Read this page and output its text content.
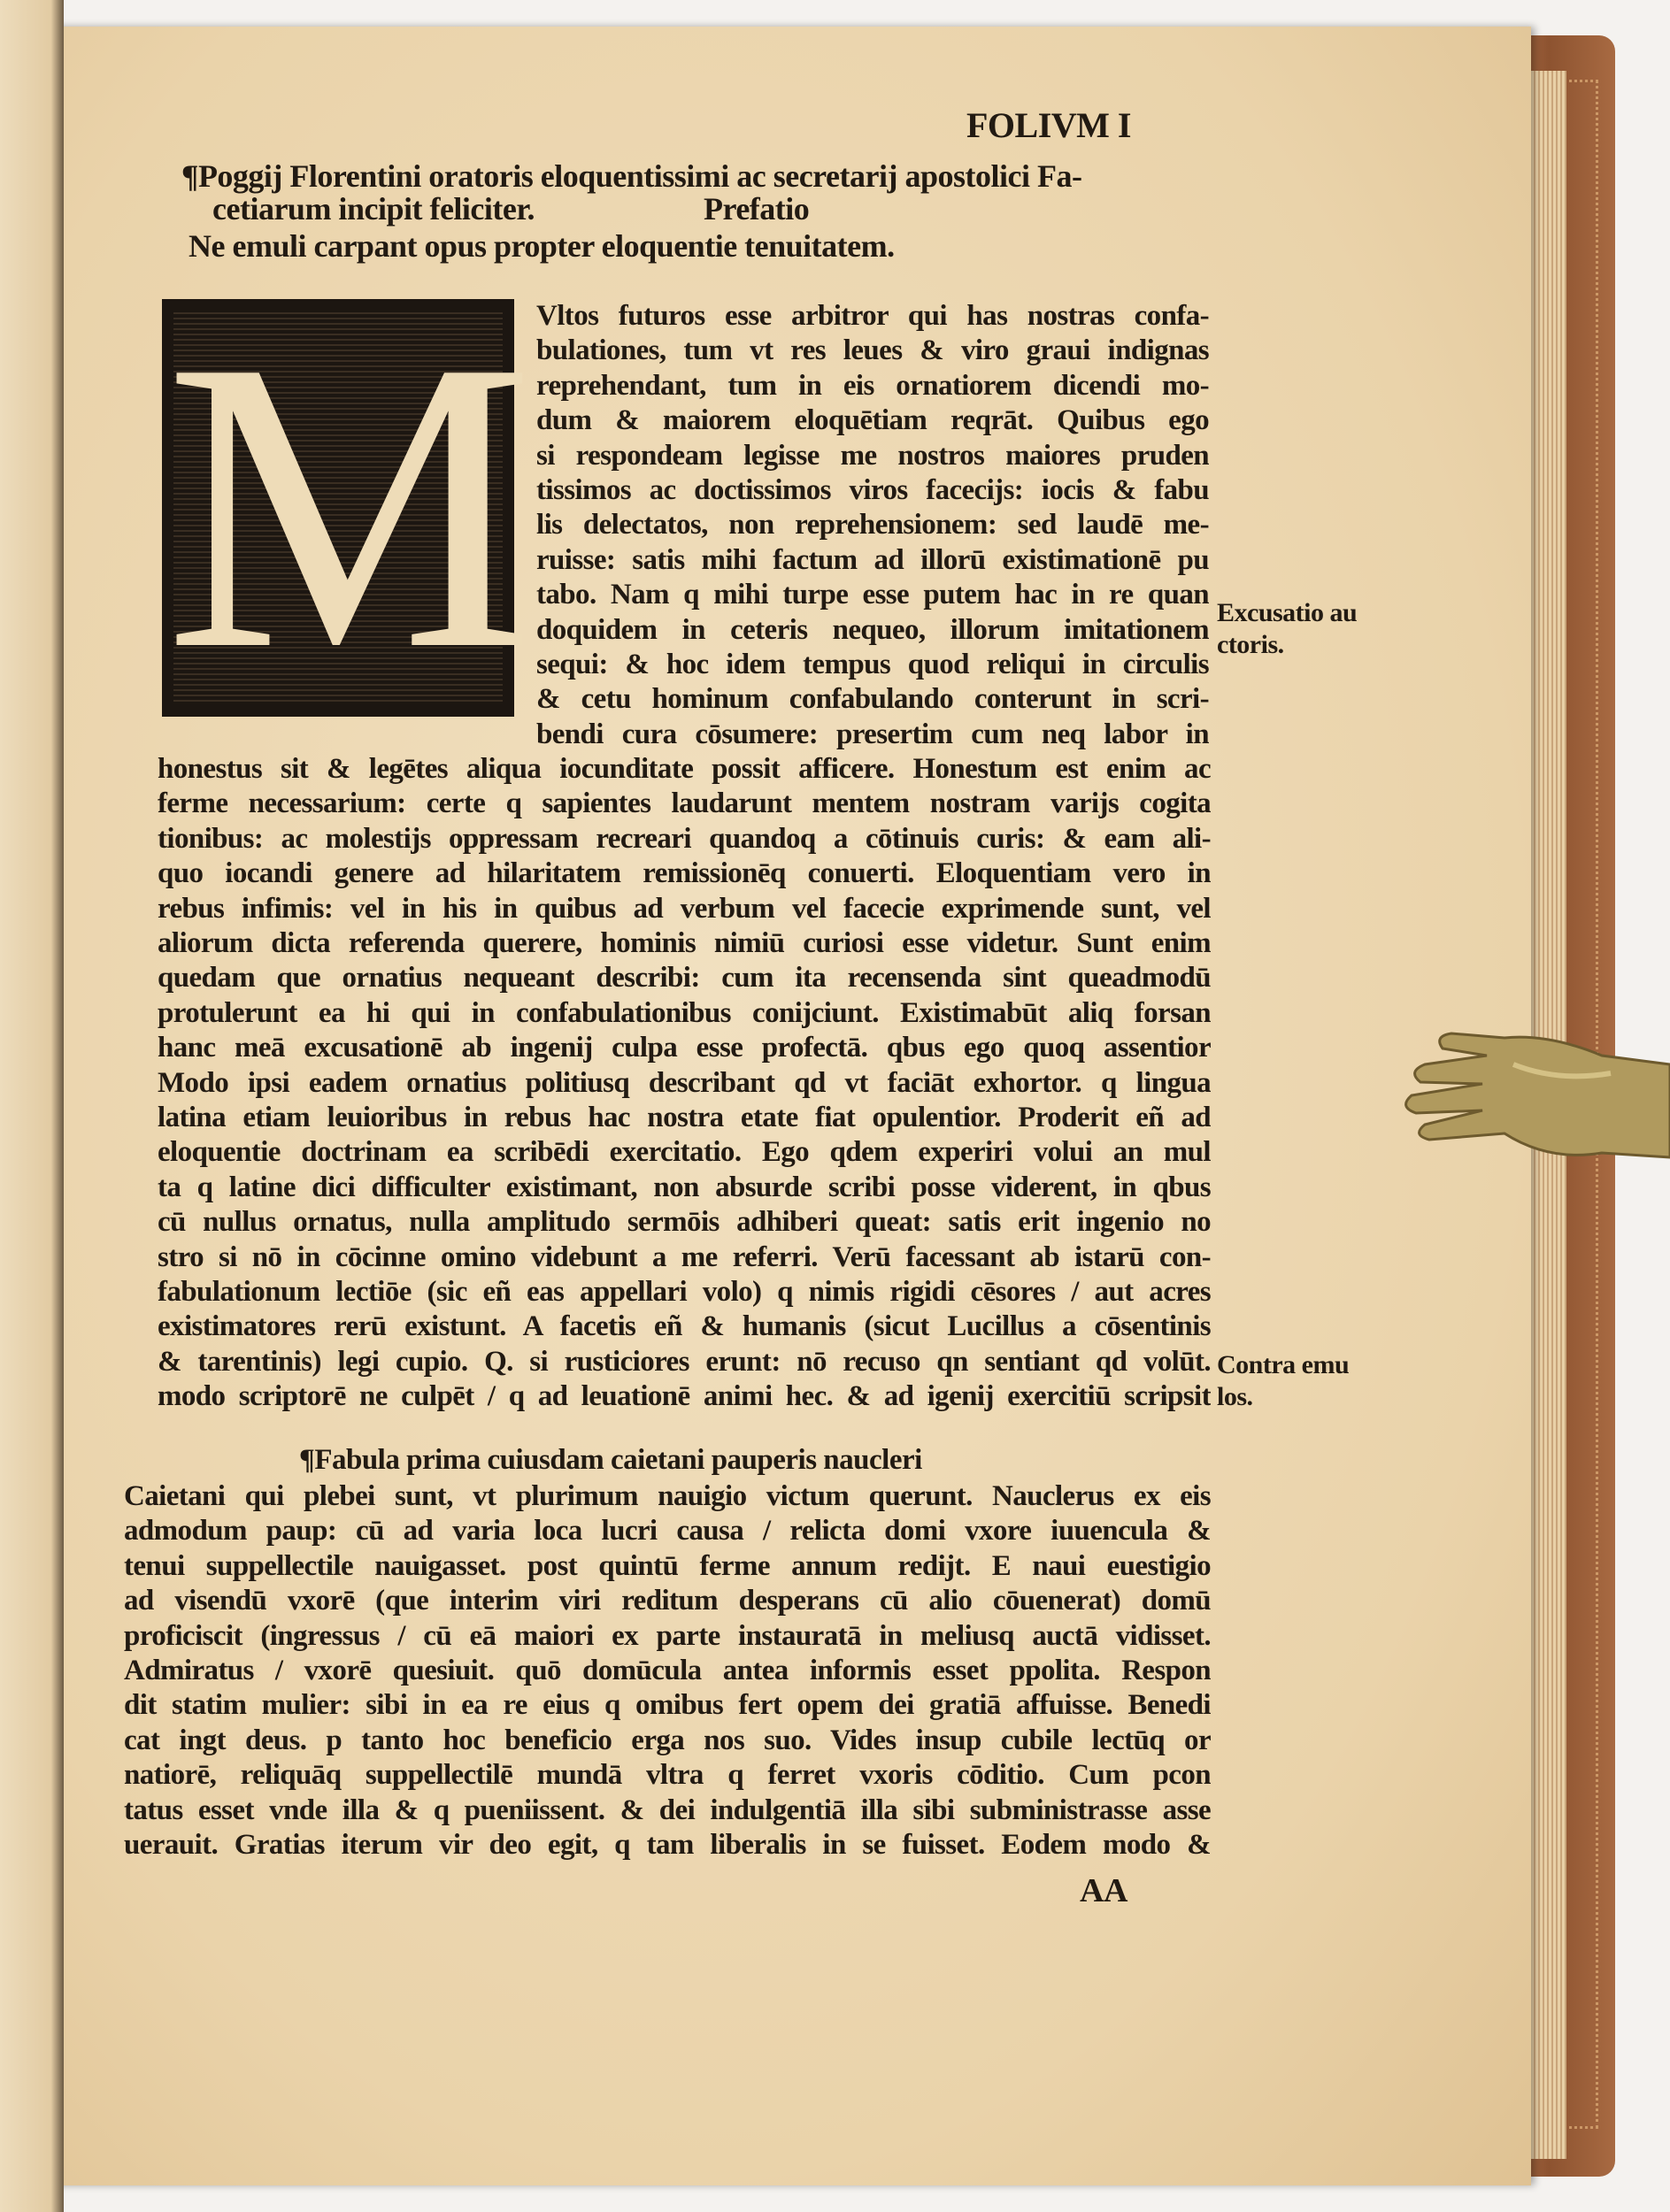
FOLIVM I
¶Poggij Florentini oratoris eloquentissimi ac secretarij apostolici Fa-
cetiarum incipit feliciter.	Prefatio
Ne emuli carpant opus propter eloquentie tenuitatem.
M Vltos futuros esse arbitror qui has nostras confa-
bulationes, tum vt res leues & viro graui indignas
reprehendant, tum in eis ornatiorem dicendi mo-
dum & maiorem eloquētiam reqrāt. Quibus ego
si respondeam legisse me nostros maiores pruden
tissimos ac doctissimos viros facecijs: iocis & fabu
lis delectatos, non reprehensionem: sed laudē me-
ruisse: satis mihi factum ad illorū existimationē pu
tabo. Nam q mihi turpe esse putem hac in re quan
doquidem in ceteris nequeo, illorum imitationem
sequi: & hoc idem tempus quod reliqui in circulis
& cetu hominum confabulando conterunt in scri-
bendi cura cōsumere: presertim cum neq labor in
honestus sit & legētes aliqua iocunditate possit afficere. Honestum est enim ac
ferme necessarium: certe q sapientes laudarunt mentem nostram varijs cogita
tionibus: ac molestijs oppressam recreari quandoq a cōtinuis curis: & eam ali-
quo iocandi genere ad hilaritatem remissionēq conuerti. Eloquentiam vero in
rebus infimis: vel in his in quibus ad verbum vel facecie exprimende sunt, vel
aliorum dicta referenda querere, hominis nimiū curiosi esse videtur. Sunt enim
quedam que ornatius nequeant describi: cum ita recensenda sint queadmodū
protulerunt ea hi qui in confabulationibus conijciunt. Existimabūt aliq forsan
hanc meā excusationē ab ingenij culpa esse profectā. qbus ego quoq assentior
Modo ipsi eadem ornatius politiusq describant qd vt faciāt exhortor. q lingua
latina etiam leuioribus in rebus hac nostra etate fiat opulentior. Proderit eñ ad
eloquentie doctrinam ea scribēdi exercitatio. Ego qdem experiri volui an mul
ta q latine dici difficulter existimant, non absurde scribi posse viderent, in qbus
cū nullus ornatus, nulla amplitudo sermōis adhiberi queat: satis erit ingenio no
stro si nō in cōcinne omino videbunt a me referri. Verū facessant ab istarū con-
fabulationum lectiōe (sic eñ eas appellari volo) q nimis rigidi cēsores / aut acres
existimatores rerū existunt. A facetis eñ & humanis (sicut Lucillus a cōsentinis
& tarentinis) legi cupio. Q. si rusticiores erunt: nō recuso qn sentiant qd volūt.
modo scriptorē ne culpēt / q ad leuationē animi hec. & ad igenij exercitiū scripsit
¶Fabula prima cuiusdam caietani pauperis naucleri
Caietani qui plebei sunt, vt plurimum nauigio victum querunt. Nauclerus ex eis
admodum paup: cū ad varia loca lucri causa / relicta domi vxore iuuencula &
tenui suppellectile nauigasset. post quintū ferme annum redijt. E naui euestigio
ad visendū vxorē (que interim viri reditum desperans cū alio cōuenerat) domū
proficiscit (ingressus / cū eā maiori ex parte instauratā in meliusq auctā vidisset.
Admiratus / vxorē quesiuit. quō domūcula antea informis esset ppolita. Respon
dit statim mulier: sibi in ea re eius q omibus fert opem dei gratiā affuisse. Benedi
cat ingt deus. p tanto hoc beneficio erga nos suo. Vides insup cubile lectūq or
natiorē, reliquāq suppellectilē mundā vltra q ferret vxoris cōditio. Cum pcon
tatus esset vnde illa & q pueniissent. & dei indulgentiā illa sibi subministrasse asse
uerauit. Gratias iterum vir deo egit, q tam liberalis in se fuisset. Eodem modo &
Excusatio au
ctoris.
Contra emu
los.
AA
